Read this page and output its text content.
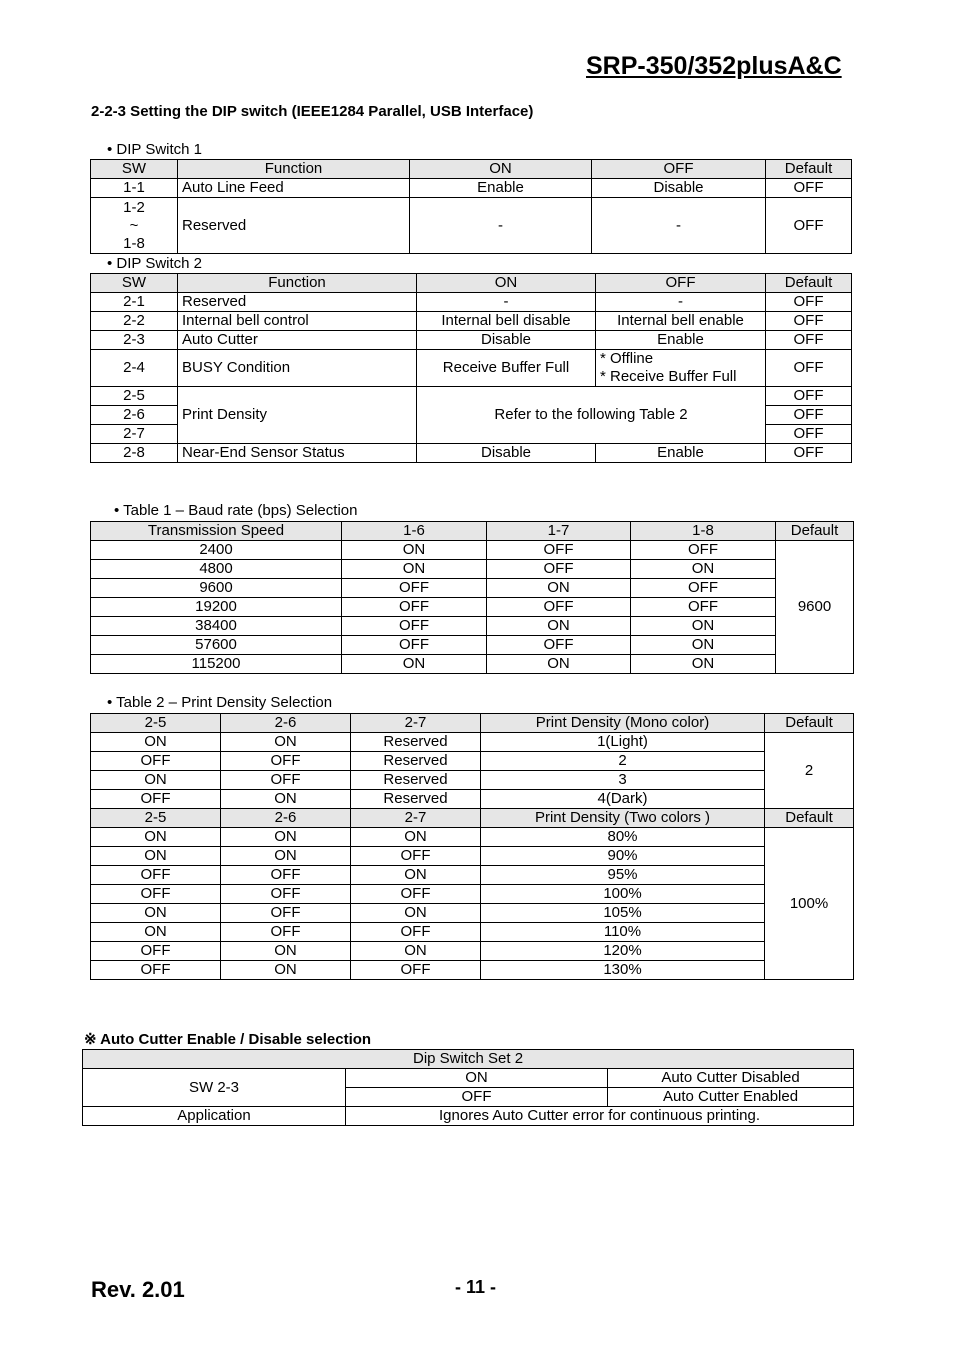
SRP-350/352plusA&C
2-2-3 Setting the DIP switch (IEEE1284 Parallel, USB Interface)
• DIP Switch 1
SW	Function	ON	OFF	Default
1-1	Auto Line Feed	Enable	Disable	OFF

1-2
~
1-8	Reserved	-	-	OFF
• DIP Switch 2
SW	Function	ON	OFF	Default
2-1	Reserved	-	-	OFF
2-2	Internal bell control	Internal bell disable	Internal bell enable	OFF
2-3	Auto Cutter	Disable	Enable	OFF
2-4	BUSY Condition	Receive Buffer Full	* Offline
* Receive Buffer Full	OFF
2-5	Print Density	Refer to the following Table 2		OFF
2-6				OFF
2-7				OFF
2-8	Near-End Sensor Status	Disable	Enable	OFF
• Table 1 – Baud rate (bps) Selection
Transmission Speed	1-6	1-7	1-8	Default
2400	ON	OFF	OFF	9600
4800	ON	OFF	ON	
9600	OFF	ON	OFF	
19200	OFF	OFF	OFF	
38400	OFF	ON	ON	
57600	OFF	OFF	ON	
115200	ON	ON	ON	
• Table 2 – Print Density Selection
2-5	2-6	2-7	Print Density (Mono color)	Default
ON	ON	Reserved	1(Light)	2
OFF	OFF	Reserved	2	
ON	OFF	Reserved	3	
OFF	ON	Reserved	4(Dark)	
2-5	2-6	2-7	Print Density (Two colors )	Default
ON	ON	ON	80%	100%
ON	ON	OFF	90%	
OFF	OFF	ON	95%	
OFF	OFF	OFF	100%	
ON	OFF	ON	105%	
ON	OFF	OFF	110%	
OFF	ON	ON	120%	
OFF	ON	OFF	130%	
※ Auto Cutter Enable / Disable selection
Dip Switch Set 2		
SW 2-3	ON	Auto Cutter Disabled
	OFF	Auto Cutter Enabled
Application	Ignores Auto Cutter error for continuous printing.	
Rev. 2.01	- 11 -
